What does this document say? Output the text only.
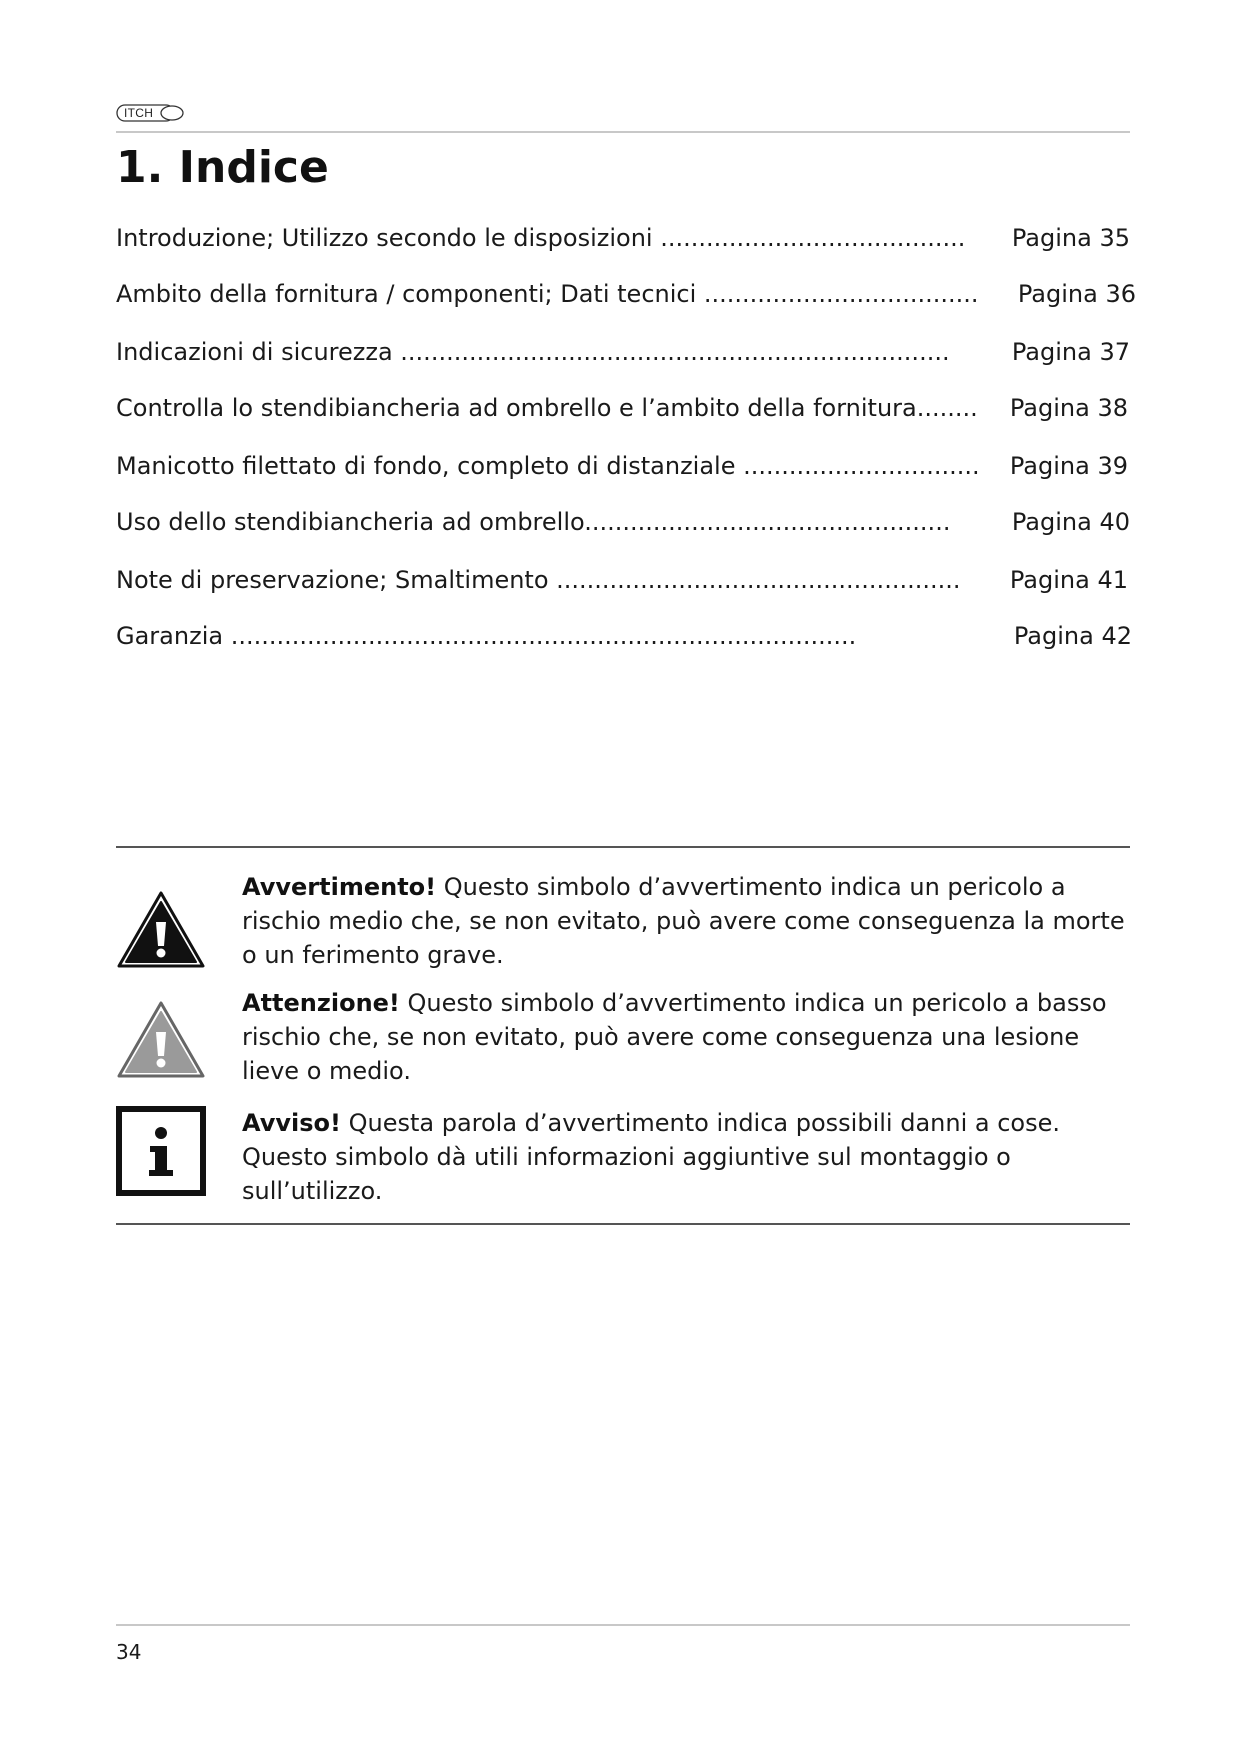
ITCH
1. Indice
Introduzione; Utilizzo secondo le disposizioni ........................................ Pagina 35
Ambito della fornitura / componenti; Dati tecnici .................................... Pagina 36
Indicazioni di sicurezza ........................................................................	Pagina 37
Controlla lo stendibiancheria ad ombrello e l’ambito della fornitura........ Pagina 38
Manicotto filettato di fondo, completo di distanziale ............................... Pagina 39
Uso dello stendibiancheria ad ombrello................................................	Pagina 40
Note di preservazione; Smaltimento ..................................................... Pagina 41
Garanzia ..................................................................................	Pagina 42
Avvertimento! Questo simbolo d’avvertimento indica un pericolo a rischio medio che, se non evitato, può avere come conseguenza la morte o un ferimento grave.
Attenzione! Questo simbolo d’avvertimento indica un pericolo a basso rischio che, se non evitato, può avere come conseguenza una lesione lieve o medio.
Avviso! Questa parola d’avvertimento indica possibili danni a cose. Questo simbolo dà utili informazioni aggiuntive sul montaggio o sull’utilizzo.
34
